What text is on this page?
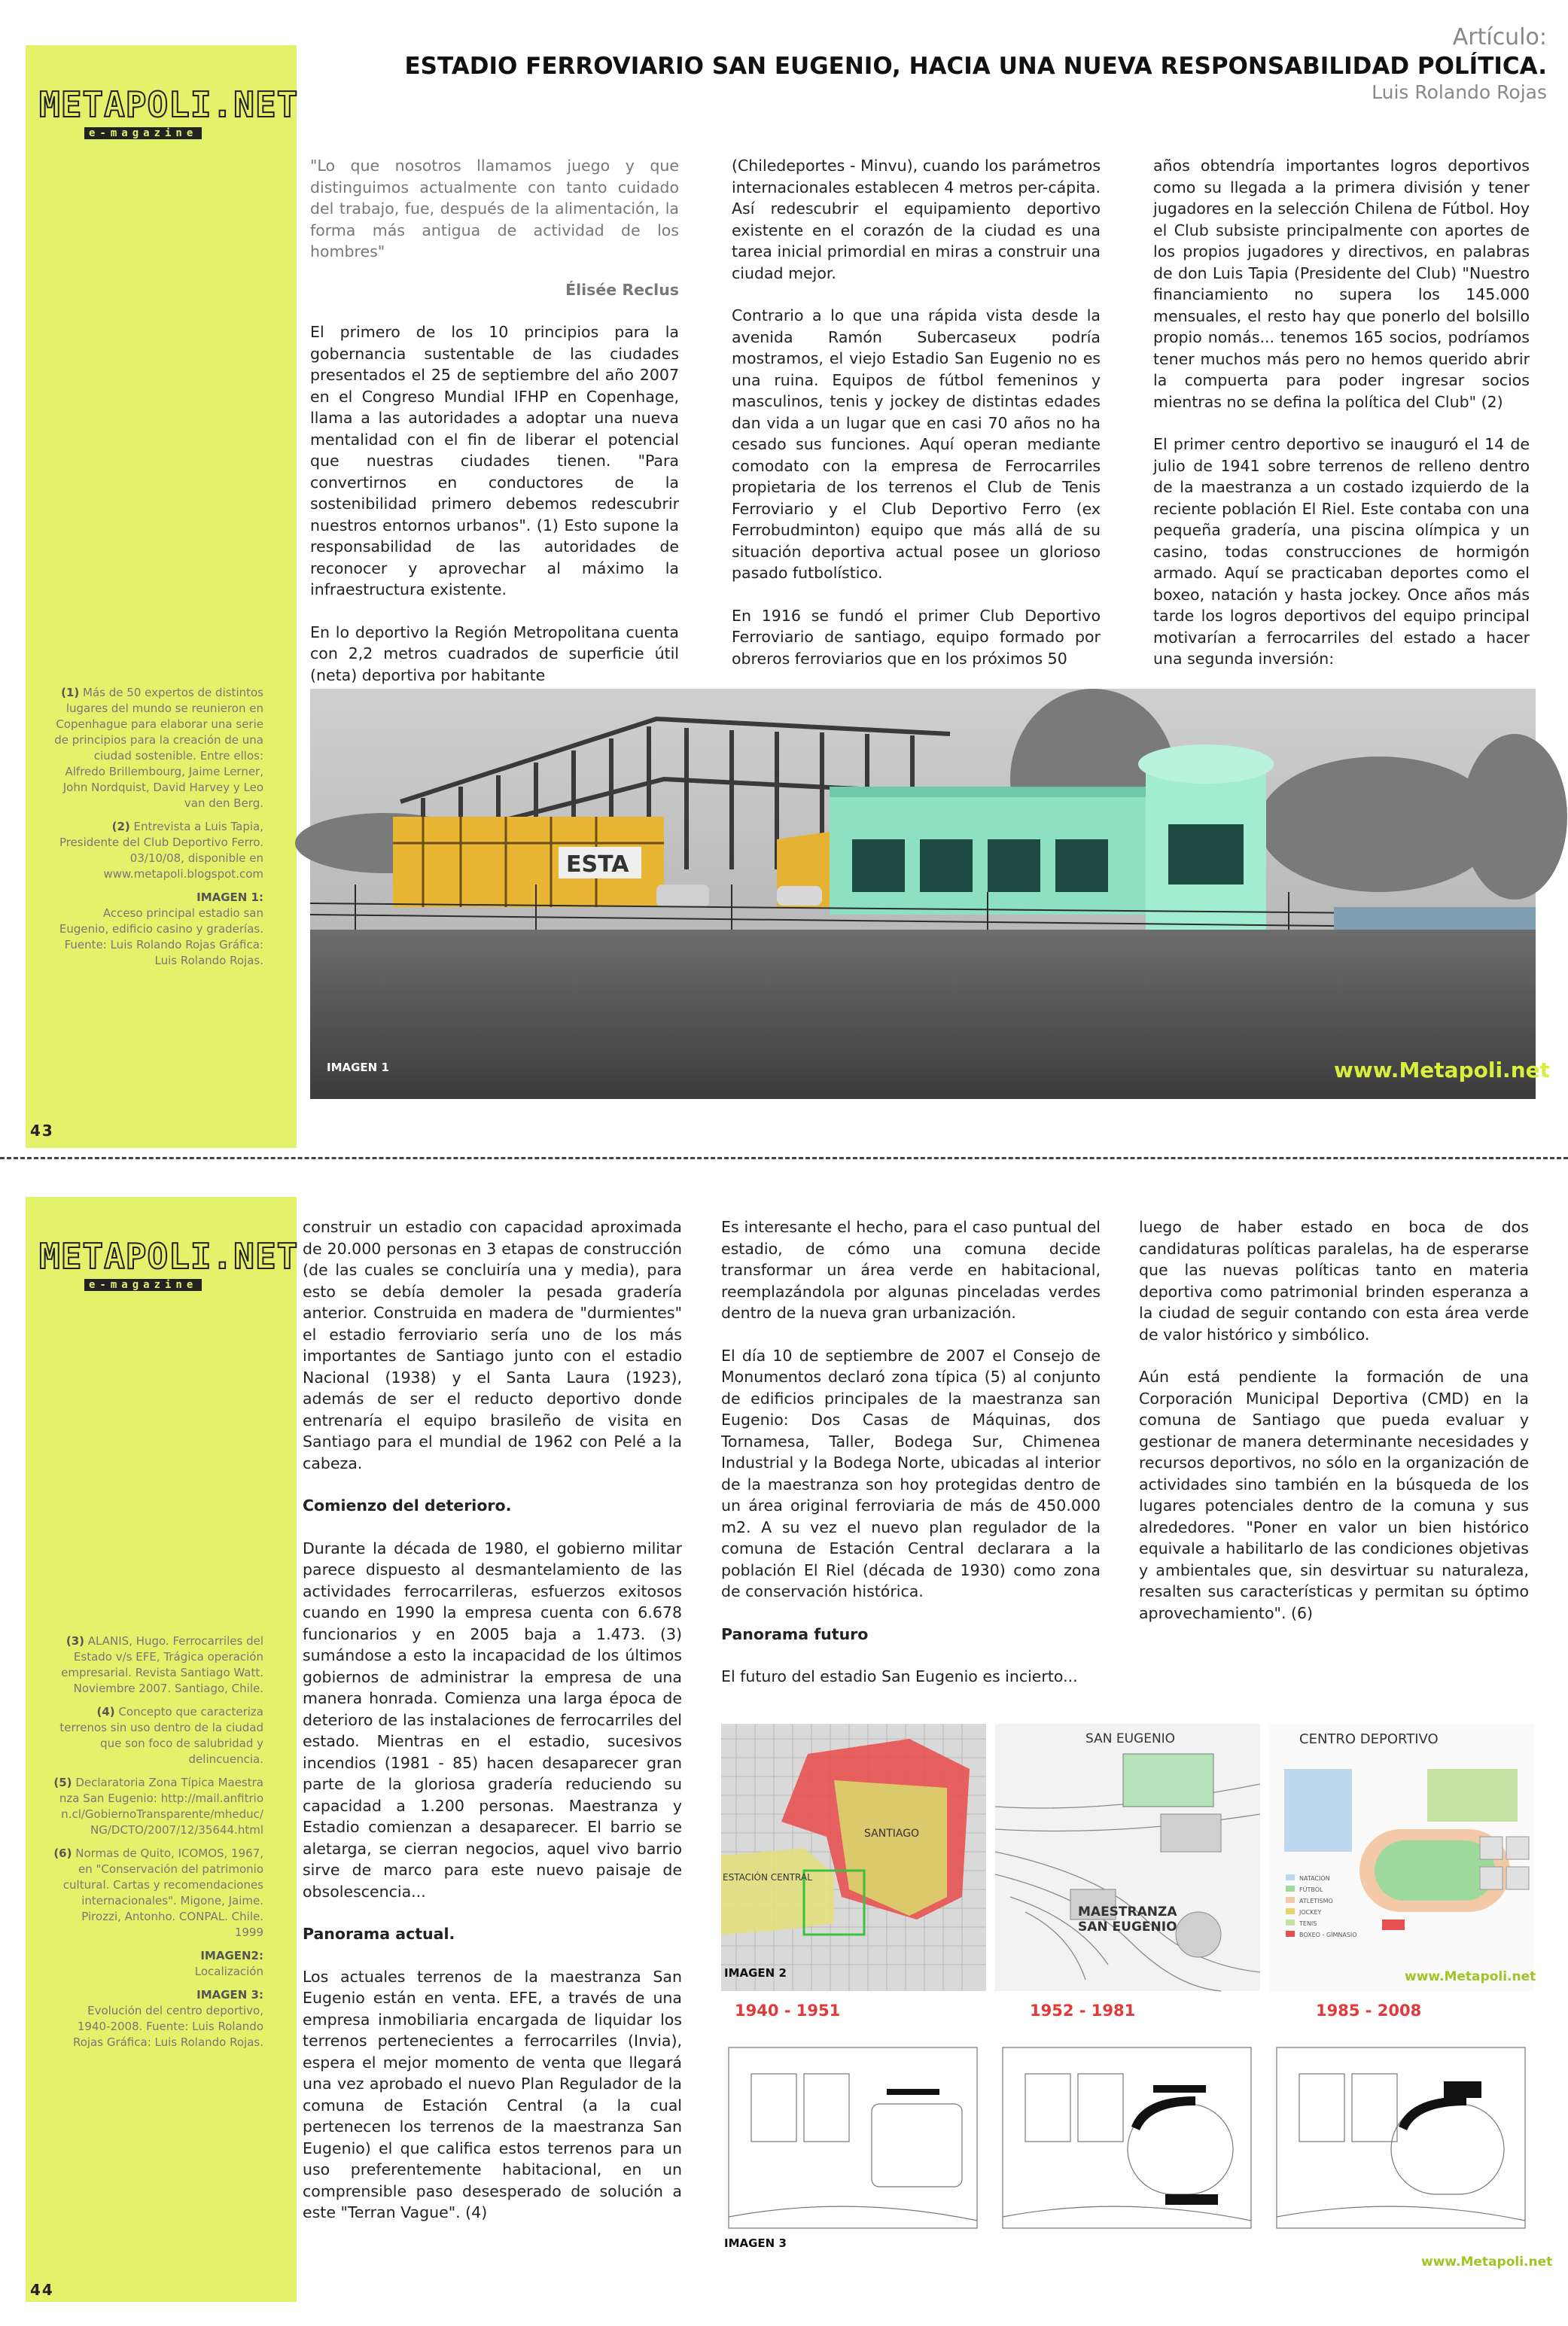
METAPOLI.NET
e-magazine

(1) Más de 50 expertos de distintos lugares del mundo se reunieron en Copenhague para elaborar una serie de principios para la creación de una ciudad sostenible. Entre ellos: Alfredo Brillembourg, Jaime Lerner, John Nordquist, David Harvey y Leo van den Berg.

(2) Entrevista a Luis Tapia, Presidente del Club Deportivo Ferro. 03/10/08, disponible en www.metapoli.blogspot.com

IMAGEN 1:
Acceso principal estadio san Eugenio, edificio casino y graderías. Fuente: Luis Rolando Rojas Gráfica: Luis Rolando Rojas.

43
Artículo:
ESTADIO FERROVIARIO SAN EUGENIO, HACIA UNA NUEVA RESPONSABILIDAD POLÍTICA.
Luis Rolando Rojas

"Lo que nosotros llamamos juego y que distinguimos actualmente con tanto cuidado del trabajo, fue, después de la alimentación, la forma más antigua de actividad de los hombres"

Élisée Reclus

El primero de los 10 principios para la gobernancia sustentable de las ciudades presentados el 25 de septiembre del año 2007 en el Congreso Mundial IFHP en Copenhage, llama a las autoridades a adoptar una nueva mentalidad con el fin de liberar el potencial que nuestras ciudades tienen. "Para convertirnos en conductores de la sostenibilidad primero debemos redescubrir nuestros entornos urbanos". (1) Esto supone la responsabilidad de las autoridades de reconocer y aprovechar al máximo la infraestructura existente.

En lo deportivo la Región Metropolitana cuenta con 2,2 metros cuadrados de superficie útil (neta) deportiva por habitante

(Chiledeportes - Minvu), cuando los parámetros internacionales establecen 4 metros per-cápita. Así redescubrir el equipamiento deportivo existente en el corazón de la ciudad es una tarea inicial primordial en miras a construir una ciudad mejor.

Contrario a lo que una rápida vista desde la avenida Ramón Subercaseux podría mostramos, el viejo Estadio San Eugenio no es una ruina. Equipos de fútbol femeninos y masculinos, tenis y jockey de distintas edades dan vida a un lugar que en casi 70 años no ha cesado sus funciones. Aquí operan mediante comodato con la empresa de Ferrocarriles propietaria de los terrenos el Club de Tenis Ferroviario y el Club Deportivo Ferro (ex Ferrobudminton) equipo que más allá de su situación deportiva actual posee un glorioso pasado futbolístico.

En 1916 se fundó el primer Club Deportivo Ferroviario de santiago, equipo formado por obreros ferroviarios que en los próximos 50

años obtendría importantes logros deportivos como su llegada a la primera división y tener jugadores en la selección Chilena de Fútbol. Hoy el Club subsiste principalmente con aportes de los propios jugadores y directivos, en palabras de don Luis Tapia (Presidente del Club) "Nuestro financiamiento no supera los 145.000 mensuales, el resto hay que ponerlo del bolsillo propio nomás... tenemos 165 socios, podríamos tener muchos más pero no hemos querido abrir la compuerta para poder ingresar socios mientras no se defina la política del Club" (2)

El primer centro deportivo se inauguró el 14 de julio de 1941 sobre terrenos de relleno dentro de la maestranza a un costado izquierdo de la reciente población El Riel. Este contaba con una pequeña gradería, una piscina olímpica y un casino, todas construcciones de hormigón armado. Aquí se practicaban deportes como el boxeo, natación y hasta jockey. Once años más tarde los logros deportivos del equipo principal motivarían a ferrocarriles del estado a hacer una segunda inversión:

ESTA
IMAGEN 1	www.Metapoli.net
METAPOLI.NET
e-magazine

(3) ALANIS, Hugo. Ferrocarriles del Estado v/s EFE, Trágica operación empresarial. Revista Santiago Watt. Noviembre 2007. Santiago, Chile.

(4) Concepto que caracteriza terrenos sin uso dentro de la ciudad que son foco de salubridad y delincuencia.

(5) Declaratoria Zona Típica Maestranza San Eugenio: http://mail.anfitrion.cl/GobiernoTransparente/mheduc/NG/DCTO/2007/12/35644.html

(6) Normas de Quito, ICOMOS, 1967, en "Conservación del patrimonio cultural. Cartas y recomendaciones internacionales". Migone, Jaime. Pirozzi, Antonho. CONPAL. Chile. 1999

IMAGEN2:
Localización

IMAGEN 3:
Evolución del centro deportivo, 1940-2008. Fuente: Luis Rolando Rojas Gráfica: Luis Rolando Rojas.

44

construir un estadio con capacidad aproximada de 20.000 personas en 3 etapas de construcción (de las cuales se concluiría una y media), para esto se debía demoler la pesada gradería anterior. Construida en madera de "durmientes" el estadio ferroviario sería uno de los más importantes de Santiago junto con el estadio Nacional (1938) y el Santa Laura (1923), además de ser el reducto deportivo donde entrenaría el equipo brasileño de visita en Santiago para el mundial de 1962 con Pelé a la cabeza.

Comienzo del deterioro.

Durante la década de 1980, el gobierno militar parece dispuesto al desmantelamiento de las actividades ferrocarrileras, esfuerzos exitosos cuando en 1990 la empresa cuenta con 6.678 funcionarios y en 2005 baja a 1.473. (3) sumándose a esto la incapacidad de los últimos gobiernos de administrar la empresa de una manera honrada. Comienza una larga época de deterioro de las instalaciones de ferrocarriles del estado. Mientras en el estadio, sucesivos incendios (1981 - 85) hacen desaparecer gran parte de la gloriosa gradería reduciendo su capacidad a 1.200 personas. Maestranza y Estadio comienzan a desaparecer. El barrio se aletarga, se cierran negocios, aquel vivo barrio sirve de marco para este nuevo paisaje de obsolescencia...

Panorama actual.

Los actuales terrenos de la maestranza San Eugenio están en venta. EFE, a través de una empresa inmobiliaria encargada de liquidar los terrenos pertenecientes a ferrocarriles (Invia), espera el mejor momento de venta que llegará una vez aprobado el nuevo Plan Regulador de la comuna de Estación Central (a la cual pertenecen los terrenos de la maestranza San Eugenio) el que califica estos terrenos para un uso preferentemente habitacional, en un comprensible paso desesperado de solución a este "Terran Vague". (4)

Es interesante el hecho, para el caso puntual del estadio, de cómo una comuna decide transformar un área verde en habitacional, reemplazándola por algunas pinceladas verdes dentro de la nueva gran urbanización.

El día 10 de septiembre de 2007 el Consejo de Monumentos declaró zona típica (5) al conjunto de edificios principales de la maestranza san Eugenio: Dos Casas de Máquinas, dos Tornamesa, Taller, Bodega Sur, Chimenea Industrial y la Bodega Norte, ubicadas al interior de la maestranza son hoy protegidas dentro de un área original ferroviaria de más de 450.000 m2. A su vez el nuevo plan regulador de la comuna de Estación Central declarara a la población El Riel (década de 1930) como zona de conservación histórica.

Panorama futuro

El futuro del estadio San Eugenio es incierto...

luego de haber estado en boca de dos candidaturas políticas paralelas, ha de esperarse que las nuevas políticas tanto en materia deportiva como patrimonial brinden esperanza a la ciudad de seguir contando con esta área verde de valor histórico y simbólico.

Aún está pendiente la formación de una Corporación Municipal Deportiva (CMD) en la comuna de Santiago que pueda evaluar y gestionar de manera determinante necesidades y recursos deportivos, no sólo en la organización de actividades sino también en la búsqueda de los lugares potenciales dentro de la comuna y sus alrededores. "Poner en valor un bien histórico equivale a habilitarlo de las condiciones objetivas y ambientales que, sin desvirtuar su naturaleza, resalten sus características y permitan su óptimo aprovechamiento". (6)

SANTIAGO
ESTACIÓN CENTRAL
IMAGEN 2
SAN EUGENIO
MAESTRANZA SAN EUGENIO
NATACIÓN
FÚTBOL
ATLETISMO
JOCKEY
TENIS
BOXEO - GIMNASIO
CENTRO DEPORTIVO
www.Metapoli.net
1940 - 1951	1952 - 1981	1985 - 2008
IMAGEN 3
www.Metapoli.net
